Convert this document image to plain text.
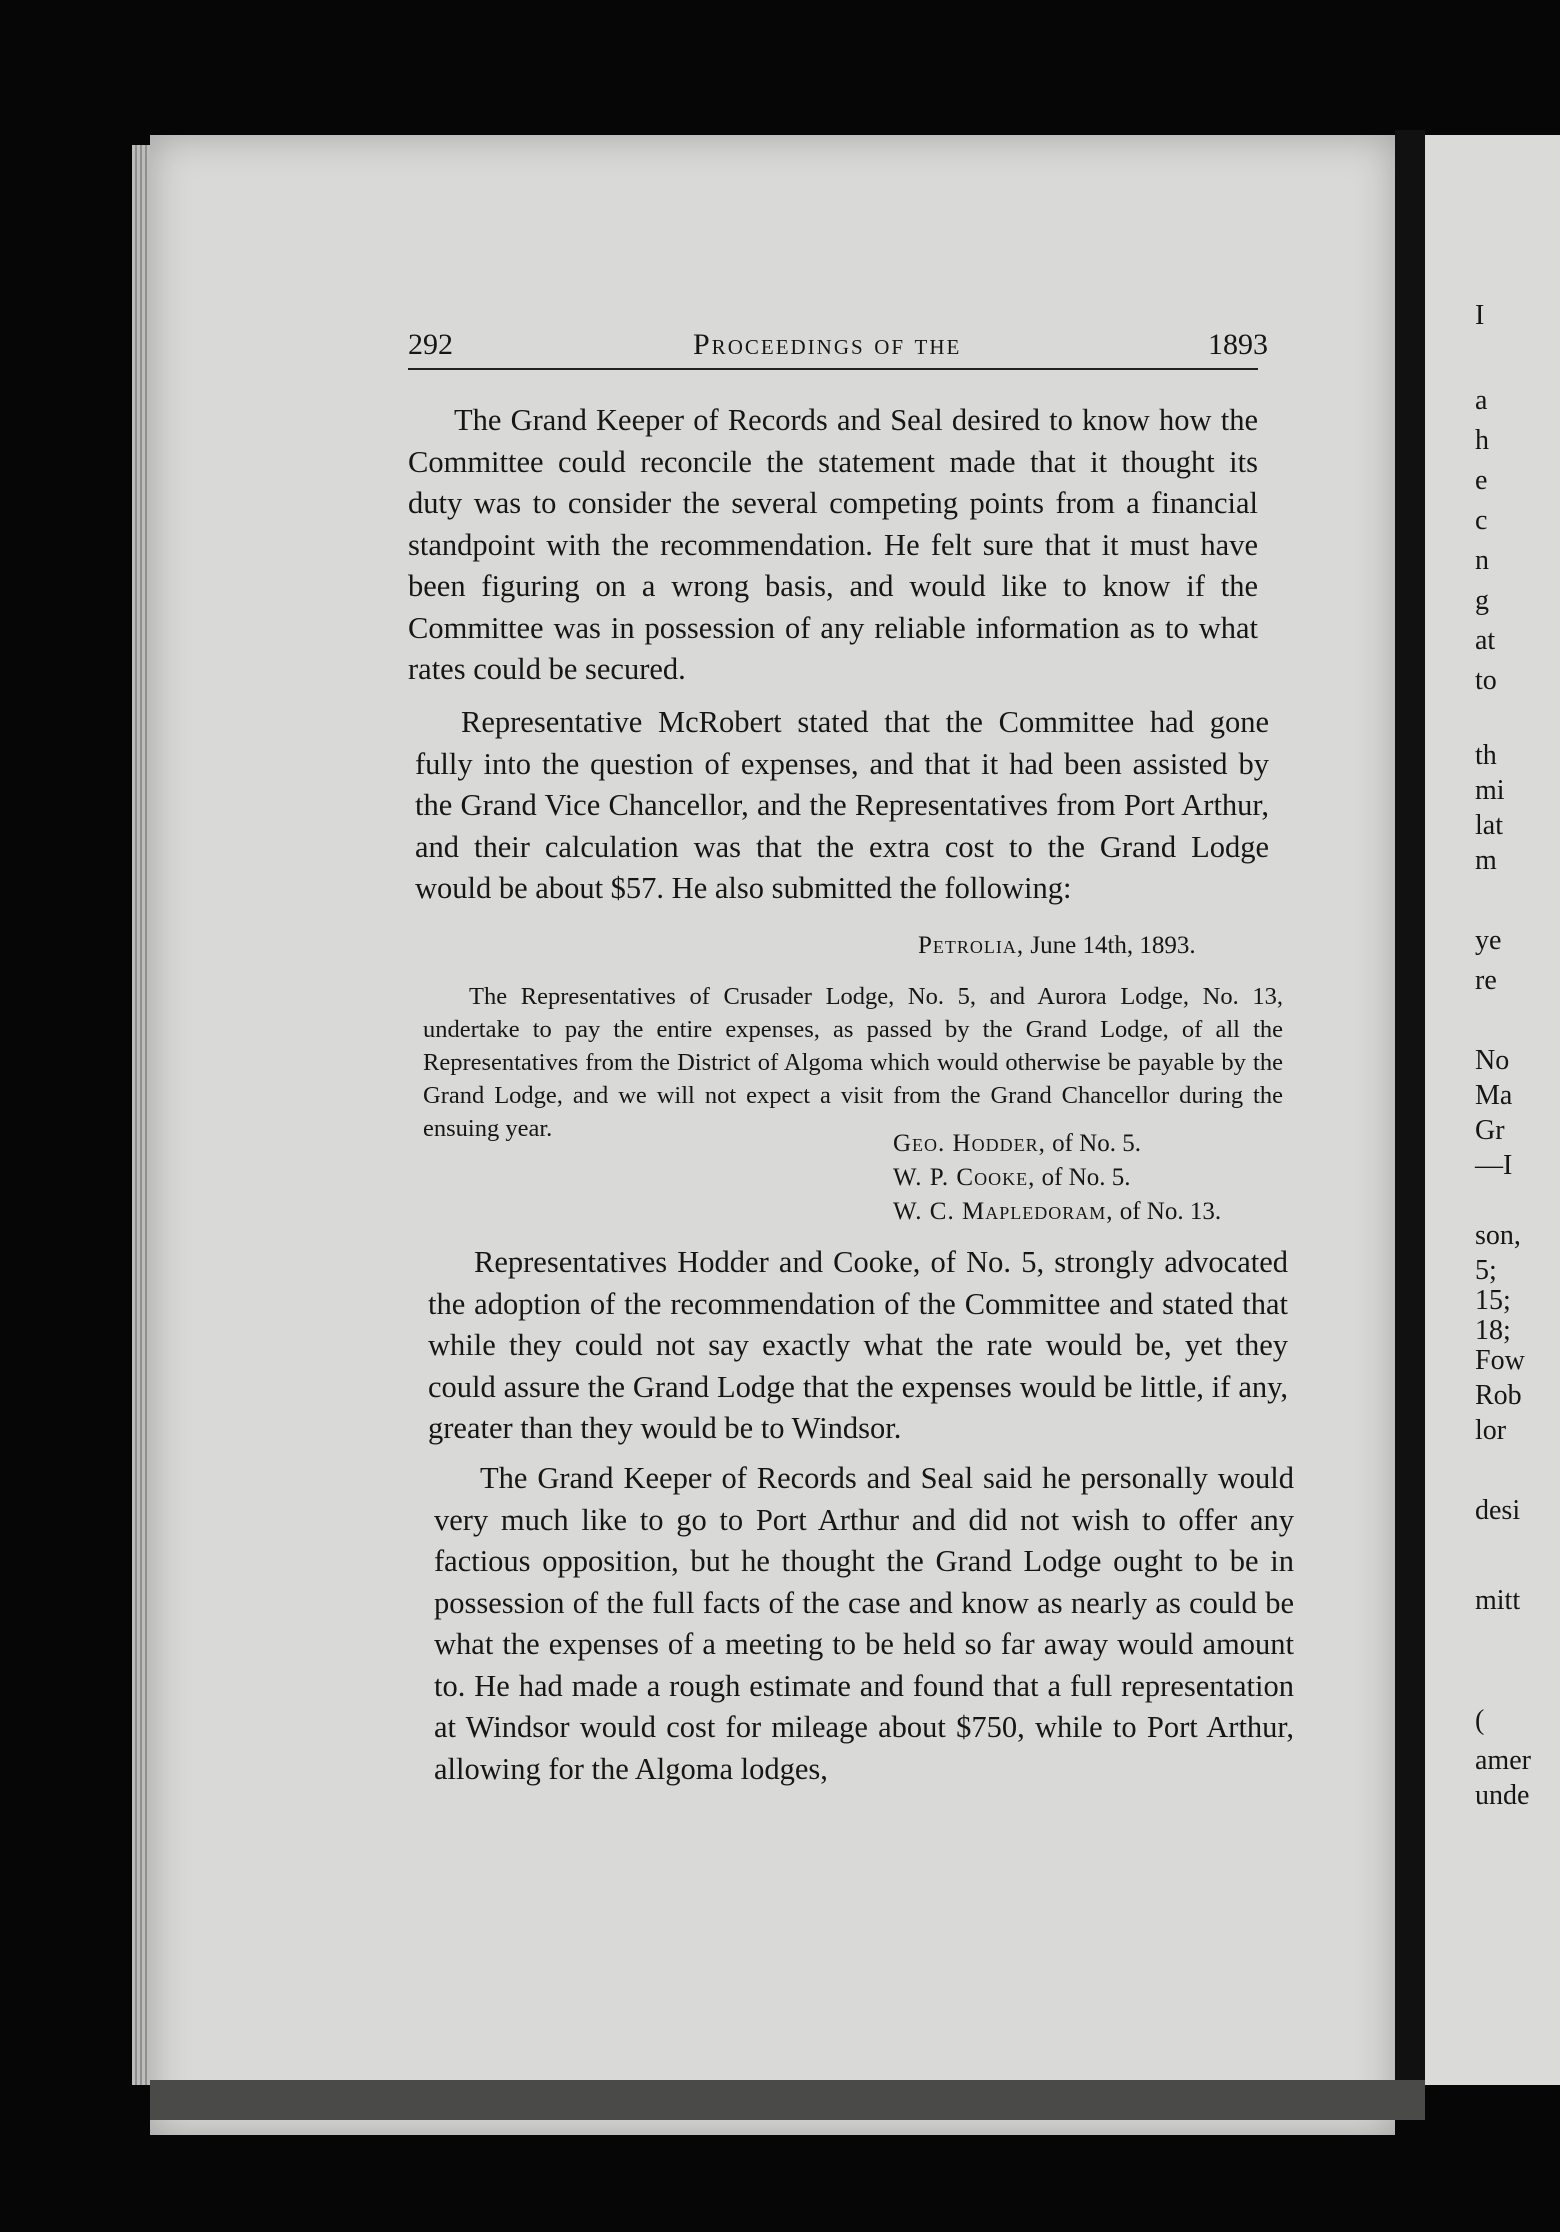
292	Proceedings of the	1893

The Grand Keeper of Records and Seal desired to know how the Committee could reconcile the statement made that it thought its duty was to consider the several competing points from a financial standpoint with the recommendation. He felt sure that it must have been figuring on a wrong basis, and would like to know if the Committee was in possession of any reliable information as to what rates could be secured.

Representative McRobert stated that the Committee had gone fully into the question of expenses, and that it had been assisted by the Grand Vice Chancellor, and the Representatives from Port Arthur, and their calculation was that the extra cost to the Grand Lodge would be about $57. He also submitted the following:

Petrolia, June 14th, 1893.

The Representatives of Crusader Lodge, No. 5, and Aurora Lodge, No. 13, undertake to pay the entire expenses, as passed by the Grand Lodge, of all the Representatives from the District of Algoma which would otherwise be payable by the Grand Lodge, and we will not expect a visit from the Grand Chancellor during the ensuing year.

Geo. Hodder, of No. 5.
W. P. Cooke, of No. 5.
W. C. Mapledoram, of No. 13.

Representatives Hodder and Cooke, of No. 5, strongly advocated the adoption of the recommendation of the Committee and stated that while they could not say exactly what the rate would be, yet they could assure the Grand Lodge that the expenses would be little, if any, greater than they would be to Windsor.

The Grand Keeper of Records and Seal said he personally would very much like to go to Port Arthur and did not wish to offer any factious opposition, but he thought the Grand Lodge ought to be in possession of the full facts of the case and know as nearly as could be what the expenses of a meeting to be held so far away would amount to. He had made a rough estimate and found that a full representation at Windsor would cost for mileage about $750, while to Port Arthur, allowing for the Algoma lodges,

I
a
h
e
c
n
g
at
to
th
mi
lat
m
ye
re
No
Ma
Gr
—I
son,
5;
15;
18;
Fow
Rob
lor
desi
mitt
(
amer
unde
